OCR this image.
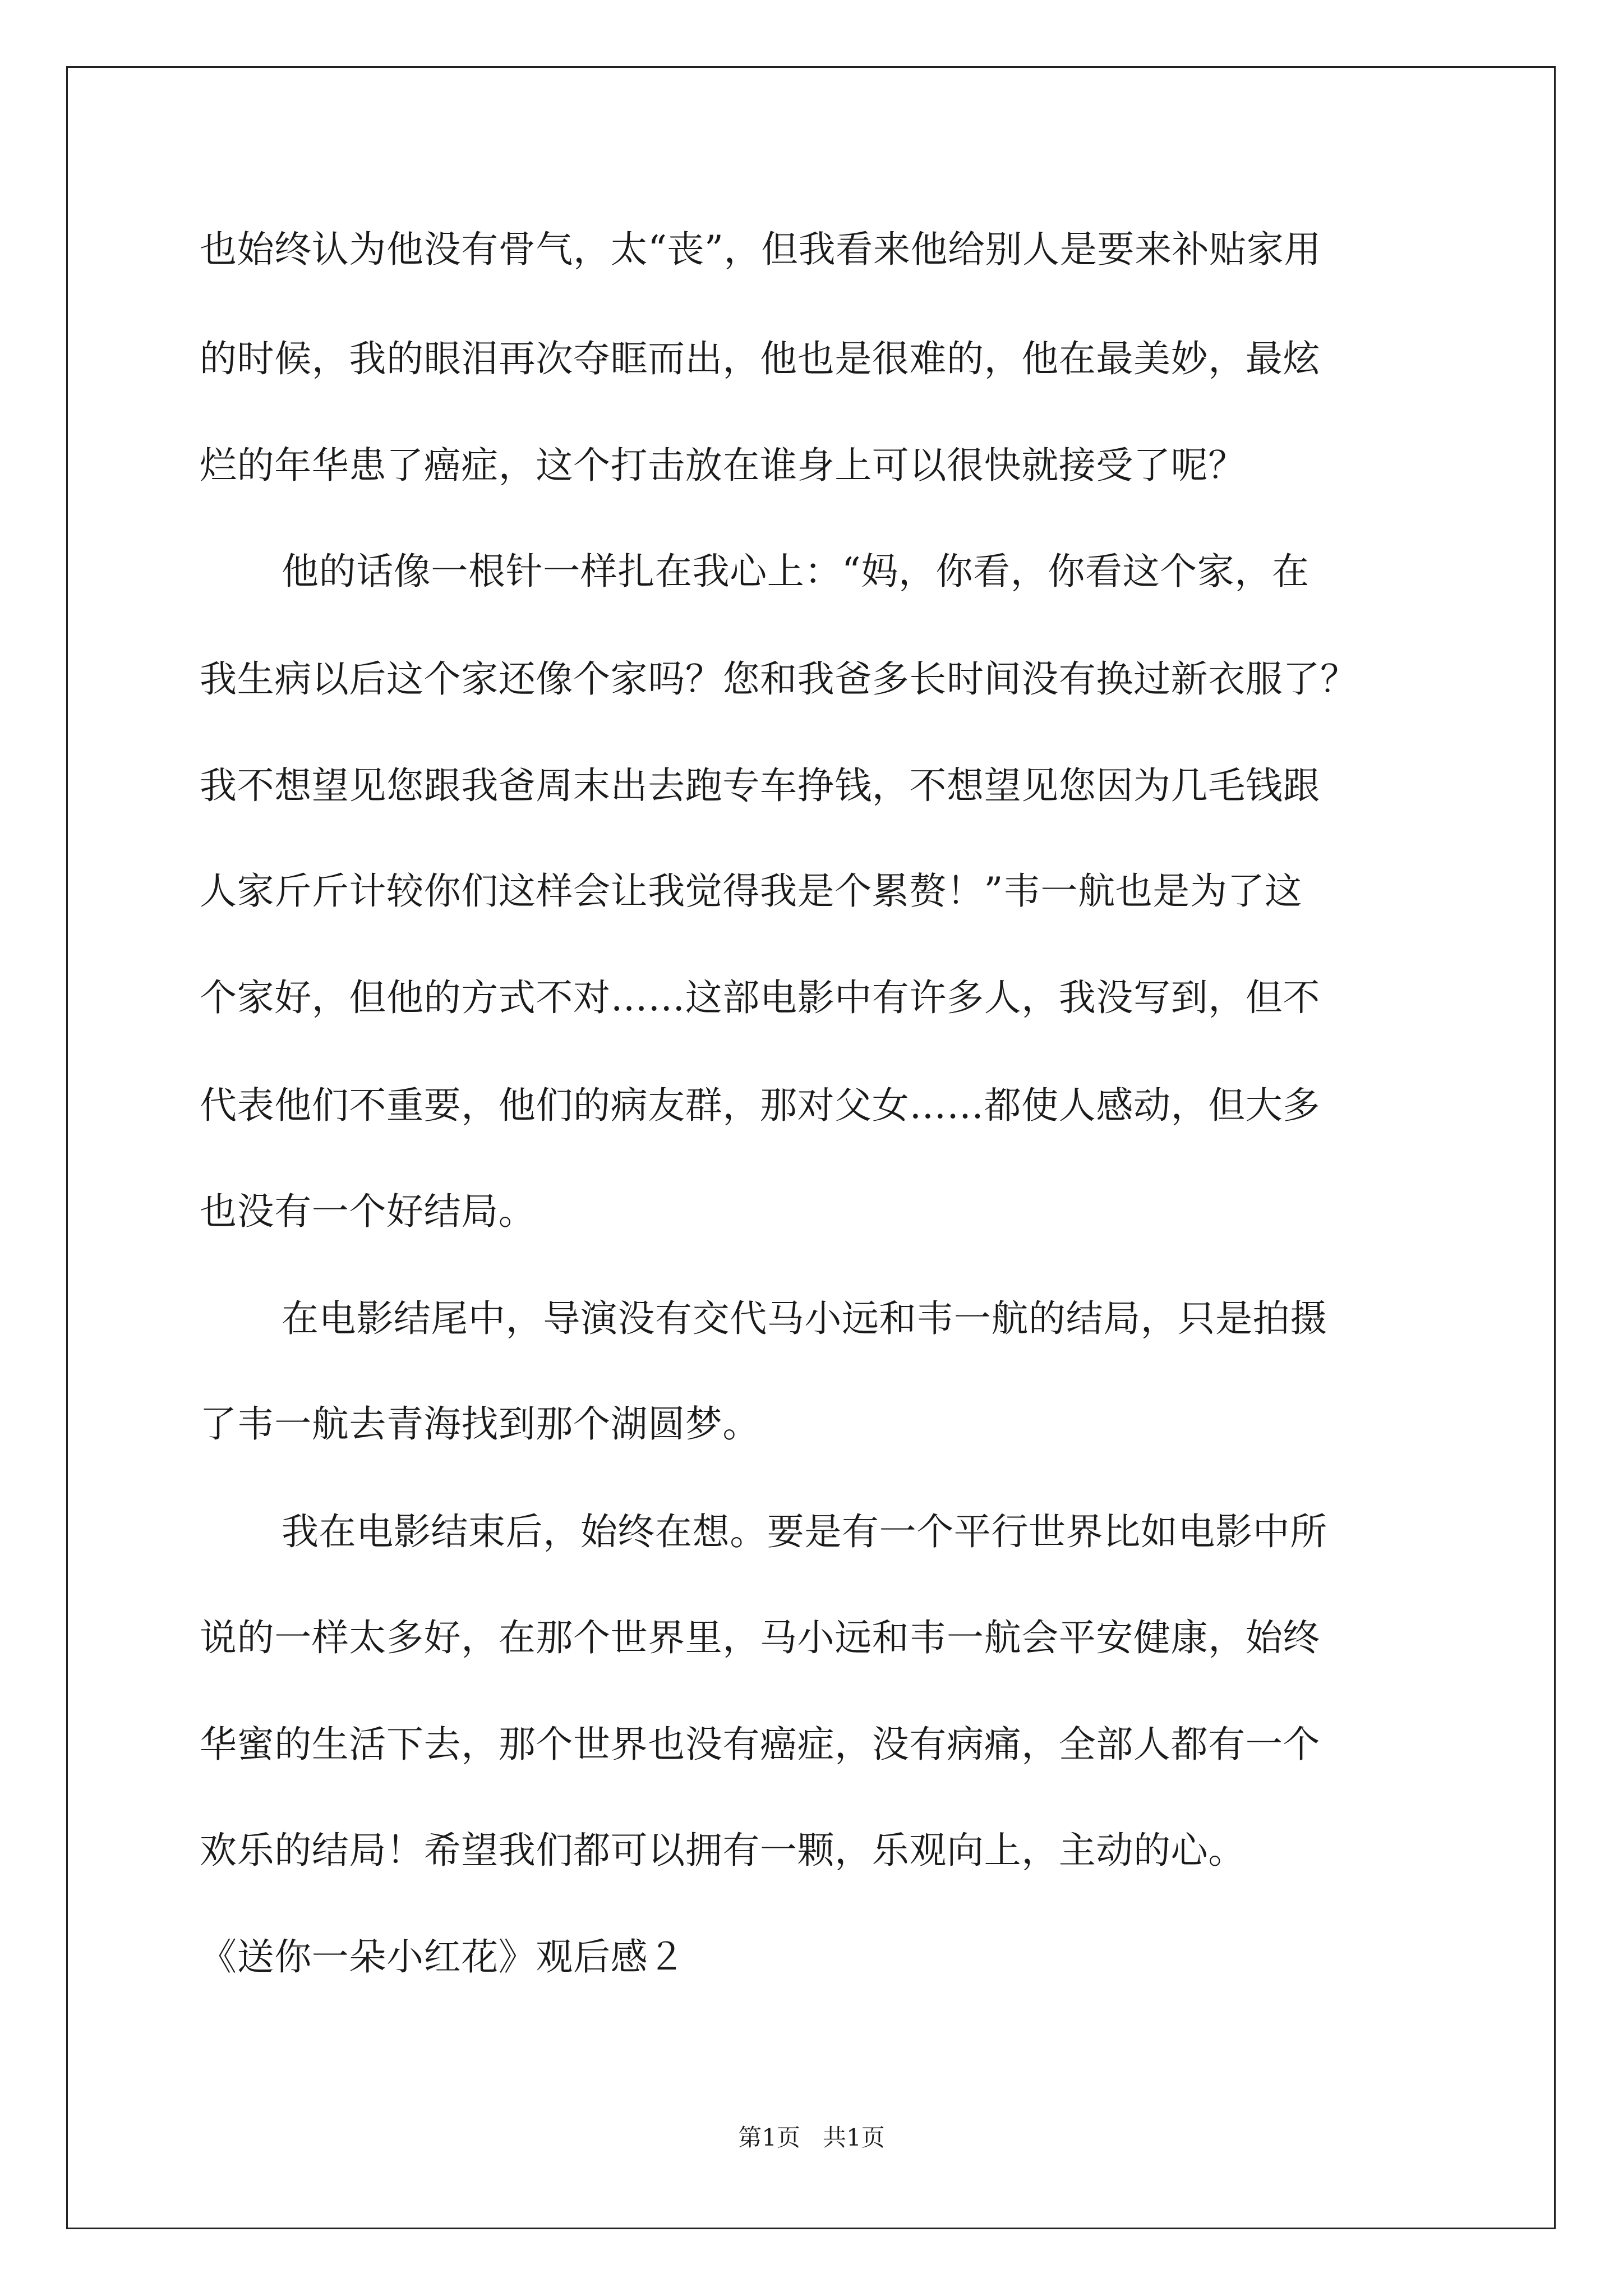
也始终认为他没有骨气，太“丧”，但我看来他给别人是要来补贴家用
的时候，我的眼泪再次夺眶而出，他也是很难的，他在最美妙，最炫
烂的年华患了癌症，这个打击放在谁身上可以很快就接受了呢？
他的话像一根针一样扎在我心上：“妈，你看，你看这个家，在
我生病以后这个家还像个家吗？您和我爸多长时间没有换过新衣服了？
我不想望见您跟我爸周末出去跑专车挣钱，不想望见您因为几毛钱跟
人家斤斤计较你们这样会让我觉得我是个累赘！”韦一航也是为了这
个家好，但他的方式不对……这部电影中有许多人，我没写到，但不
代表他们不重要，他们的病友群，那对父女……都使人感动，但大多
也没有一个好结局。
在电影结尾中，导演没有交代马小远和韦一航的结局，只是拍摄
了韦一航去青海找到那个湖圆梦。
我在电影结束后，始终在想。要是有一个平行世界比如电影中所
说的一样太多好，在那个世界里，马小远和韦一航会平安健康，始终
华蜜的生活下去，那个世界也没有癌症，没有病痛，全部人都有一个
欢乐的结局！希望我们都可以拥有一颗，乐观向上，主动的心。
《送你一朵小红花》观后感２
第1页   共1页
